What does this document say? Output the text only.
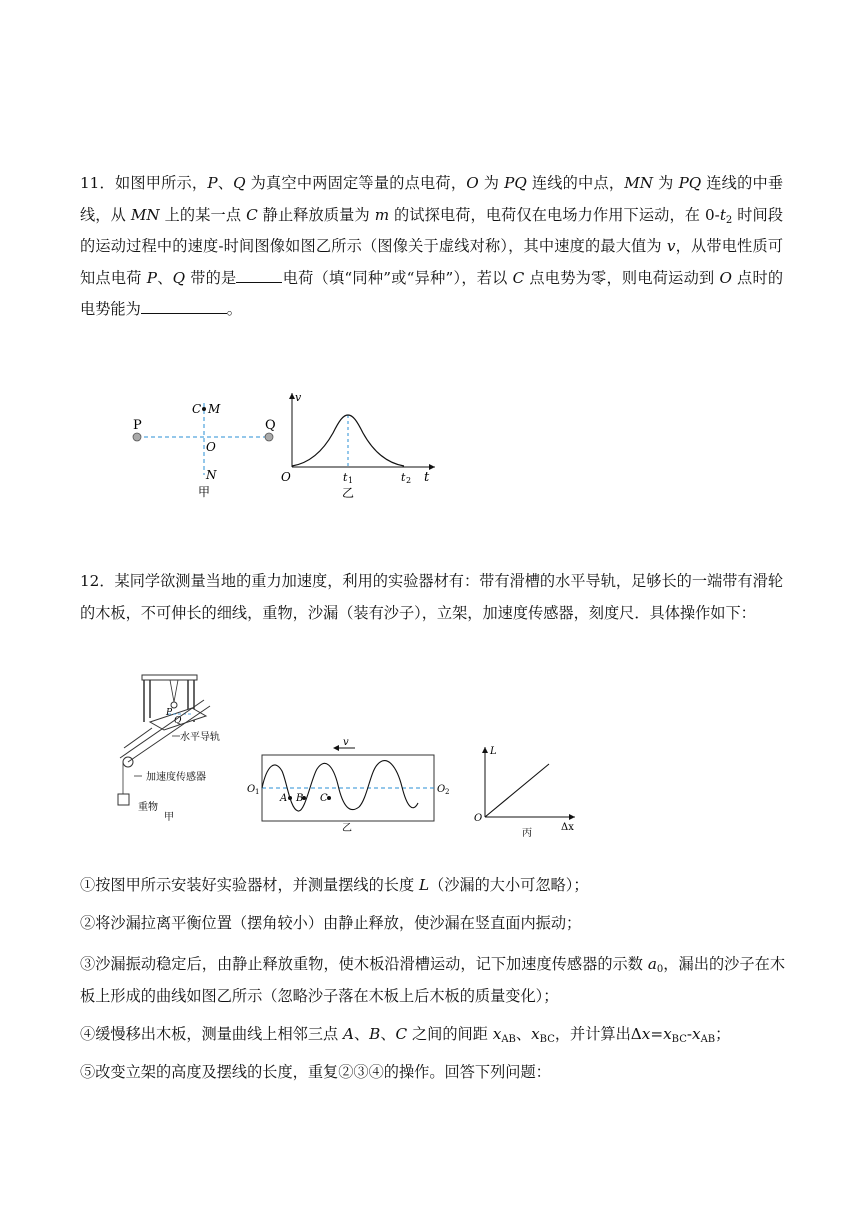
11．如图甲所示，P、Q 为真空中两固定等量的点电荷，O 为 PQ 连线的中点，MN 为 PQ 连线的中垂线，从 MN 上的某一点 C 静止释放质量为 m 的试探电荷，电荷仅在电场力作用下运动，在 $0-t_2$ 时间段的运动过程中的速度-时间图像如图乙所示（图像关于虚线对称），其中速度的最大值为 v，从带电性质可知点电荷 P、Q 带的是	电荷（填“同种”或“异种”），若以 C 点电势为零，则电荷运动到 O 点时的电势能为	。
P	Q
C M
O
N
甲
v
O	t 1	t 2 t
乙
12．某同学欲测量当地的重力加速度，利用的实验器材有：带有滑槽的水平导轨，足够长的一端带有滑轮的木板，不可伸长的细线，重物，沙漏（装有沙子），立架，加速度传感器，刻度尺．具体操作如下：
P
Q
水平导轨
加速度传感器
重物
甲
A B C
v
O 1	O 2
乙
L
O
Δx
丙
①按图甲所示安装好实验器材，并测量摆线的长度 L（沙漏的大小可忽略）；
②将沙漏拉离平衡位置（摆角较小）由静止释放，使沙漏在竖直面内振动；
③沙漏振动稳定后，由静止释放重物，使木板沿滑槽运动，记下加速度传感器的示数 $a_0$，漏出的沙子在木板上形成的曲线如图乙所示（忽略沙子落在木板上后木板的质量变化）；
④缓慢移出木板，测量曲线上相邻三点 A、B、C 之间的间距 $x_{AB}$、$x_{BC}$，并计算出$\Delta x=x_{BC}-x_{AB}$；
⑤改变立架的高度及摆线的长度，重复②③④的操作。回答下列问题：
